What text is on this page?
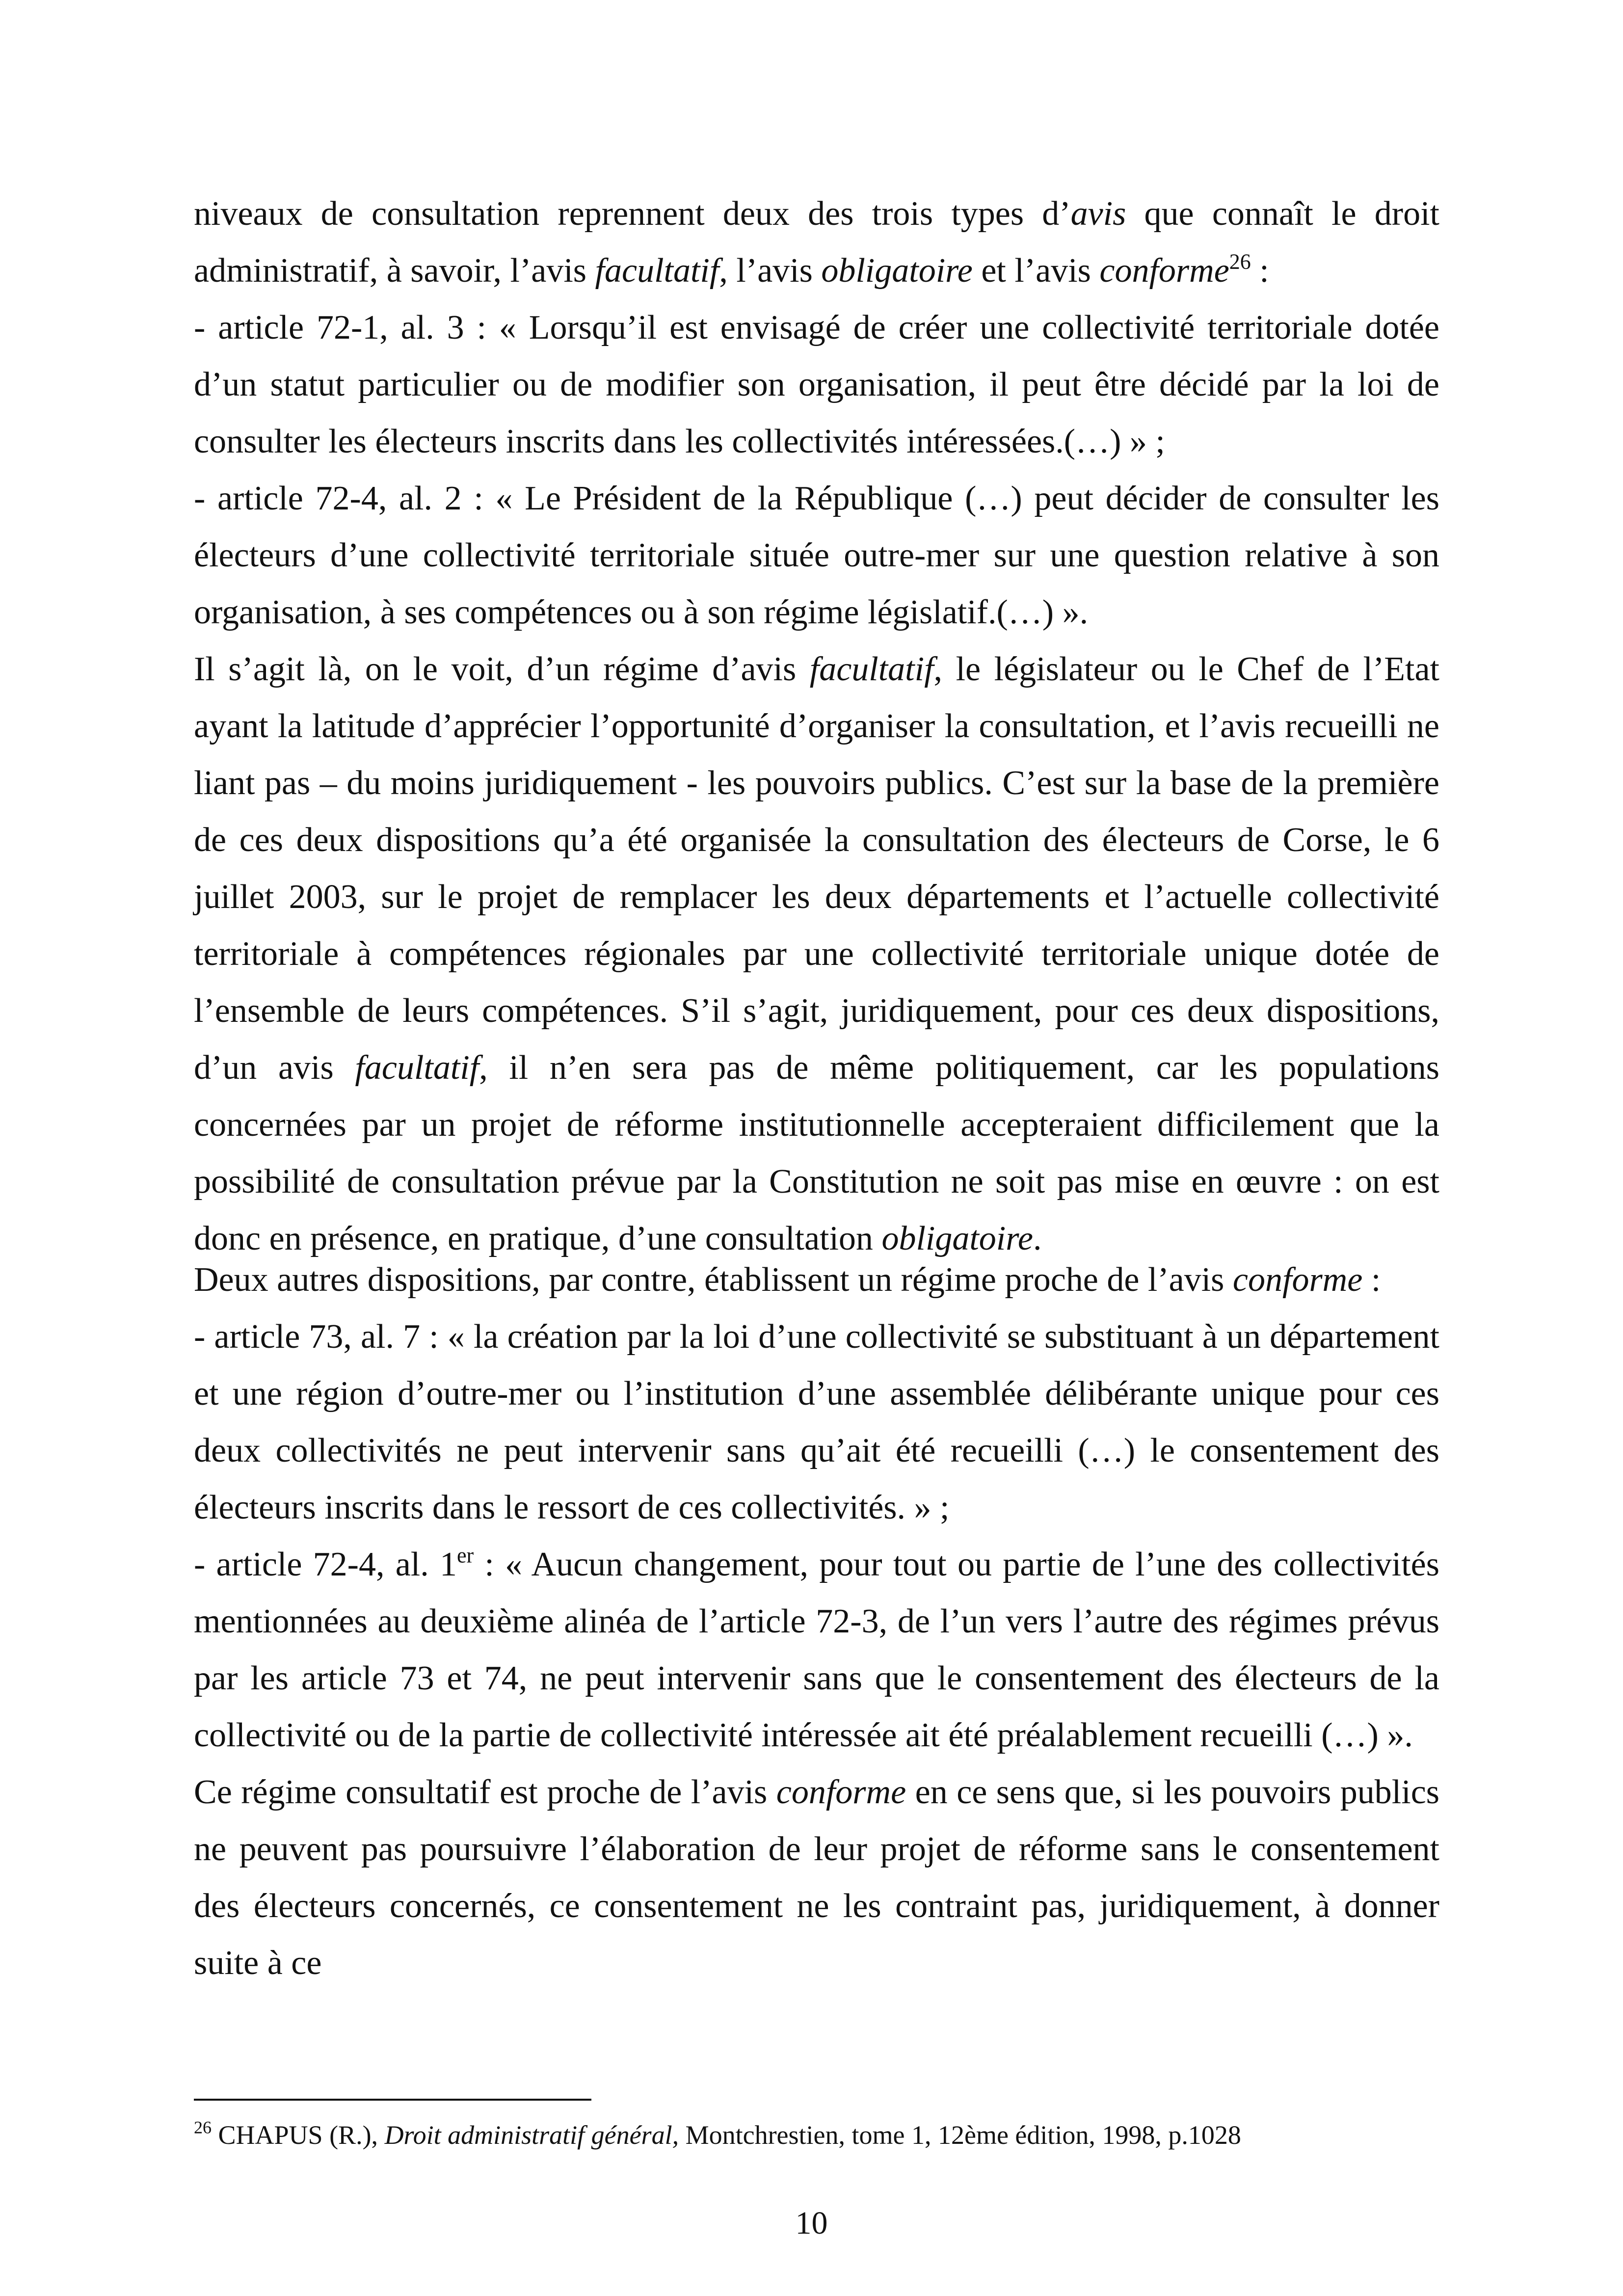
niveaux de consultation reprennent deux des trois types d’avis que connaît le droit administratif, à savoir, l’avis facultatif, l’avis obligatoire et l’avis conforme$^{26}$ :

- article 72-1, al. 3 : « Lorsqu’il est envisagé de créer une collectivité territoriale dotée d’un statut particulier ou de modifier son organisation, il peut être décidé par la loi de consulter les électeurs inscrits dans les collectivités intéressées.(…) » ;

- article 72-4, al. 2 : « Le Président de la République (…) peut décider de consulter les électeurs d’une collectivité territoriale située outre-mer sur une question relative à son organisation, à ses compétences ou à son régime législatif.(…) ».

Il s’agit là, on le voit, d’un régime d’avis facultatif, le législateur ou le Chef de l’Etat ayant la latitude d’apprécier l’opportunité d’organiser la consultation, et l’avis recueilli ne liant pas – du moins juridiquement - les pouvoirs publics. C’est sur la base de la première de ces deux dispositions qu’a été organisée la consultation des électeurs de Corse, le 6 juillet 2003, sur le projet de remplacer les deux départements et l’actuelle collectivité territoriale à compétences régionales par une collectivité territoriale unique dotée de l’ensemble de leurs compétences. S’il s’agit, juridiquement, pour ces deux dispositions, d’un avis facultatif, il n’en sera pas de même politiquement, car les populations concernées par un projet de réforme institutionnelle accepteraient difficilement que la possibilité de consultation prévue par la Constitution ne soit pas mise en œuvre : on est donc en présence, en pratique, d’une consultation obligatoire.

Deux autres dispositions, par contre, établissent un régime proche de l’avis conforme :

- article 73, al. 7 : « la création par la loi d’une collectivité se substituant à un département et une région d’outre-mer ou l’institution d’une assemblée délibérante unique pour ces deux collectivités ne peut intervenir sans qu’ait été recueilli (…) le consentement des électeurs inscrits dans le ressort de ces collectivités. » ;

- article 72-4, al. 1er : « Aucun changement, pour tout ou partie de l’une des collectivités mentionnées au deuxième alinéa de l’article 72-3, de l’un vers l’autre des régimes prévus par les article 73 et 74, ne peut intervenir sans que le consentement des électeurs de la collectivité ou de la partie de collectivité intéressée ait été préalablement recueilli (…) ».

Ce régime consultatif est proche de l’avis conforme en ce sens que, si les pouvoirs publics ne peuvent pas poursuivre l’élaboration de leur projet de réforme sans le consentement des électeurs concernés, ce consentement ne les contraint pas, juridiquement, à donner suite à ce

$^{26}$ CHAPUS (R.), Droit administratif général, Montchrestien, tome 1, 12ème édition, 1998, p.1028
10
